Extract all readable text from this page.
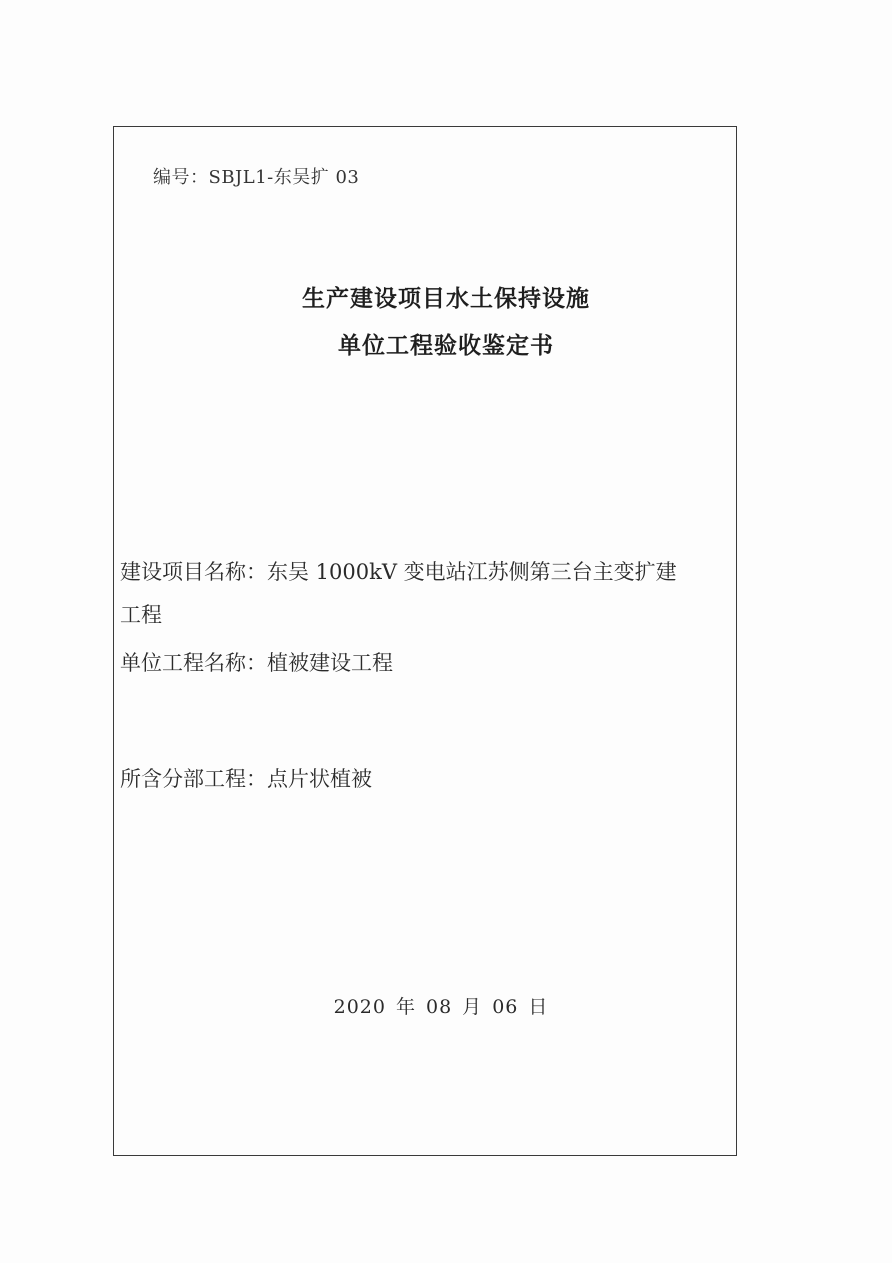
编号：SBJL1-东吴扩 03
生产建设项目水土保持设施
单位工程验收鉴定书
建设项目名称：东吴 1000kV 变电站江苏侧第三台主变扩建
工程
单位工程名称：植被建设工程
所含分部工程：点片状植被
2020 年 08 月 06 日
